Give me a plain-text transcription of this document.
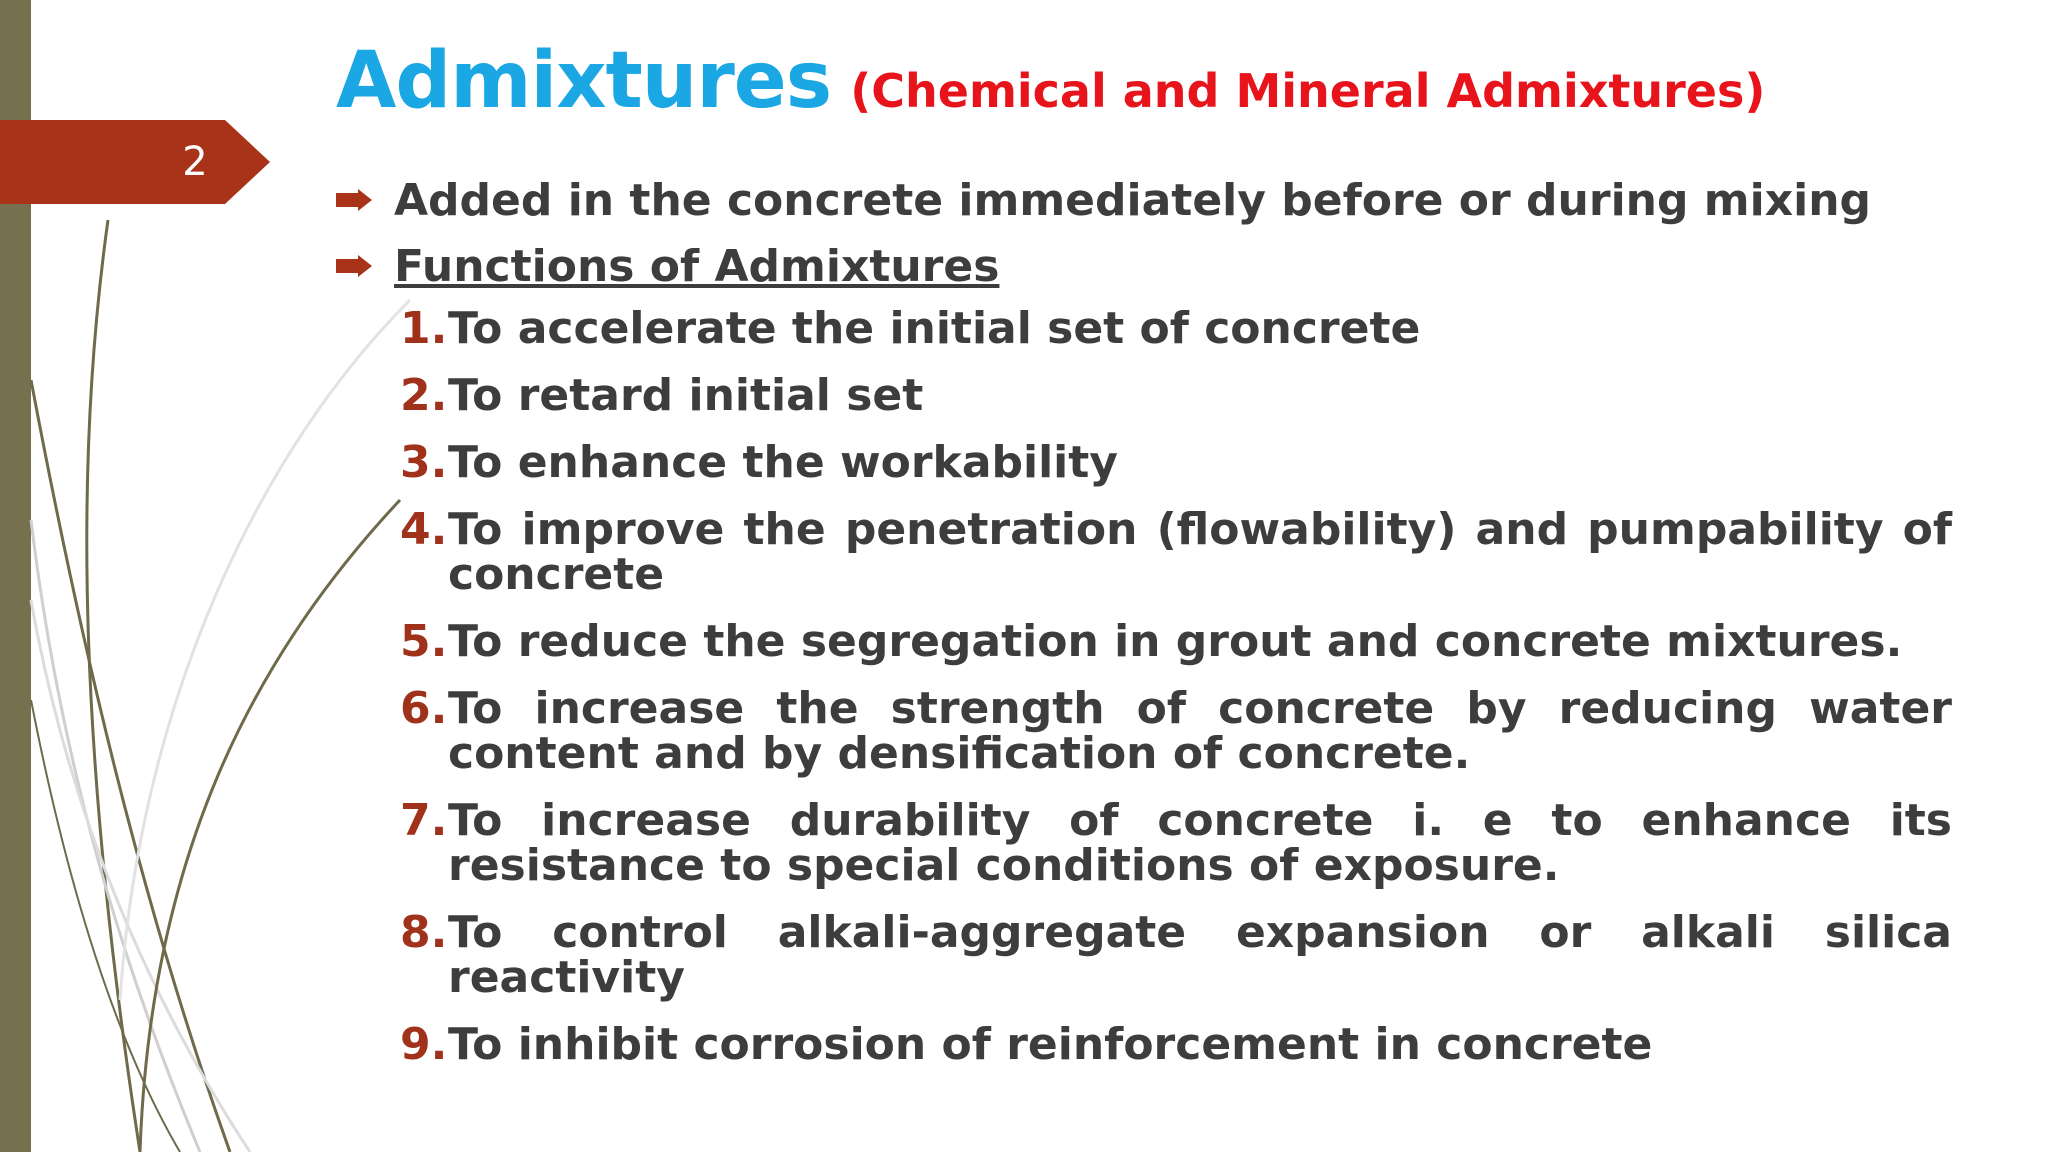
2
Admixtures (Chemical and Mineral Admixtures)
Added in the concrete immediately before or during mixing
Functions of Admixtures
1. To accelerate the initial set of concrete
2. To retard initial set
3. To enhance the workability
4. To improve the penetration (flowability) and pumpability of concrete
5. To reduce the segregation in grout and concrete mixtures.
6. To increase the strength of concrete by reducing water content and by densification of concrete.
7. To increase durability of concrete i. e to enhance its resistance to special conditions of exposure.
8. To control alkali-aggregate expansion or alkali silica reactivity
9. To inhibit corrosion of reinforcement in concrete
